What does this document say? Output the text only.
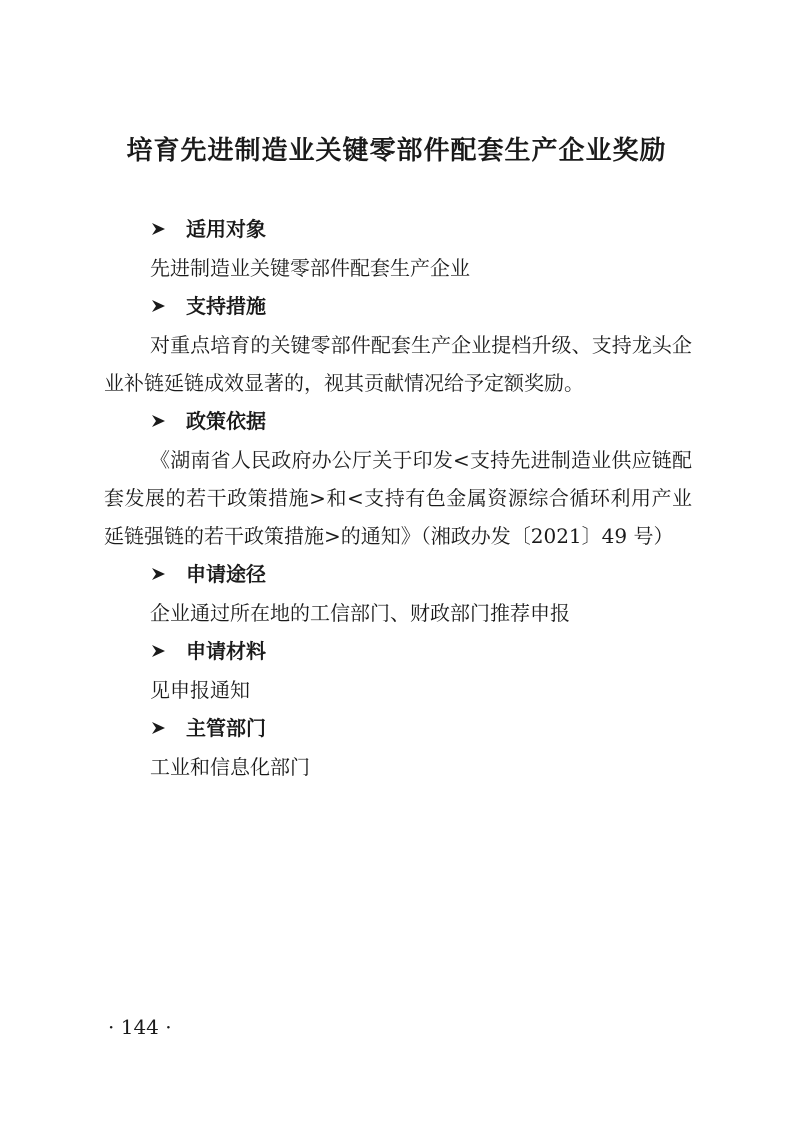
培育先进制造业关键零部件配套生产企业奖励
适用对象
先进制造业关键零部件配套生产企业
支持措施
对重点培育的关键零部件配套生产企业提档升级、支持龙头企业补链延链成效显著的，视其贡献情况给予定额奖励。
政策依据
《湖南省人民政府办公厅关于印发<支持先进制造业供应链配套发展的若干政策措施>和<支持有色金属资源综合循环利用产业延链强链的若干政策措施>的通知》（湘政办发〔2021〕49 号）
申请途径
企业通过所在地的工信部门、财政部门推荐申报
申请材料
见申报通知
主管部门
工业和信息化部门
· 144 ·
